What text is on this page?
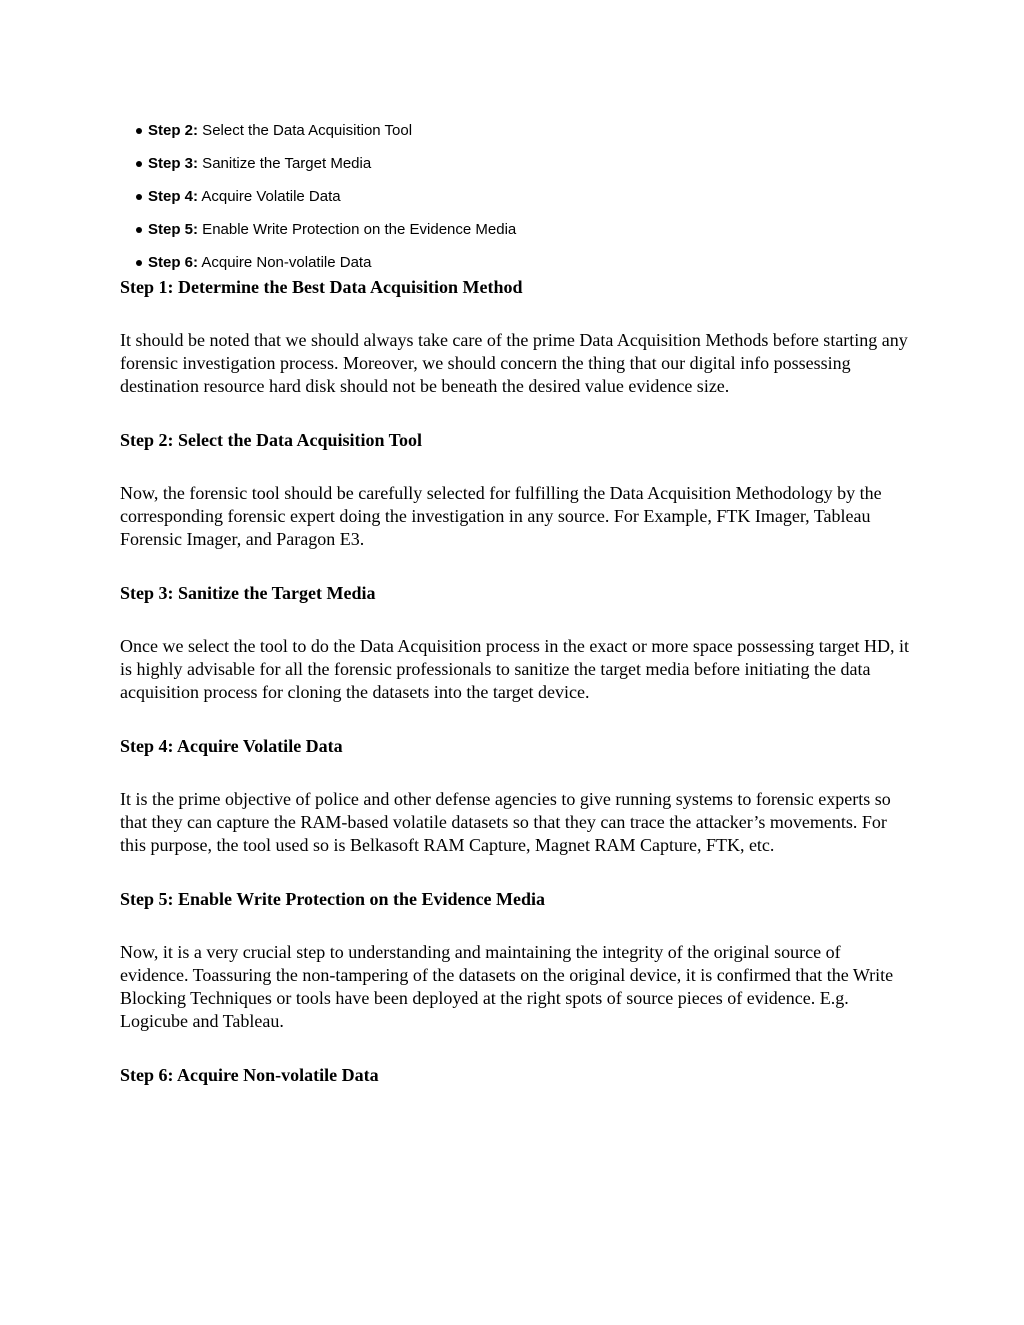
Step 2: Select the Data Acquisition Tool
Step 3: Sanitize the Target Media
Step 4: Acquire Volatile Data
Step 5: Enable Write Protection on the Evidence Media
Step 6: Acquire Non-volatile Data
Step 1: Determine the Best Data Acquisition Method

It should be noted that we should always take care of the prime Data Acquisition Methods before starting any forensic investigation process. Moreover, we should concern the thing that our digital info possessing destination resource hard disk should not be beneath the desired value evidence size.

Step 2: Select the Data Acquisition Tool

Now, the forensic tool should be carefully selected for fulfilling the Data Acquisition Methodology by the corresponding forensic expert doing the investigation in any source. For Example, FTK Imager, Tableau Forensic Imager, and Paragon E3.

Step 3: Sanitize the Target Media

Once we select the tool to do the Data Acquisition process in the exact or more space possessing target HD, it is highly advisable for all the forensic professionals to sanitize the target media before initiating the data acquisition process for cloning the datasets into the target device.

Step 4: Acquire Volatile Data

It is the prime objective of police and other defense agencies to give running systems to forensic experts so that they can capture the RAM-based volatile datasets so that they can trace the attacker’s movements. For this purpose, the tool used so is Belkasoft RAM Capture, Magnet RAM Capture, FTK, etc.

Step 5: Enable Write Protection on the Evidence Media

Now, it is a very crucial step to understanding and maintaining the integrity of the original source of evidence. Toassuring the non-tampering of the datasets on the original device, it is confirmed that the Write Blocking Techniques or tools have been deployed at the right spots of source pieces of evidence. E.g. Logicube and Tableau.

Step 6: Acquire Non-volatile Data
